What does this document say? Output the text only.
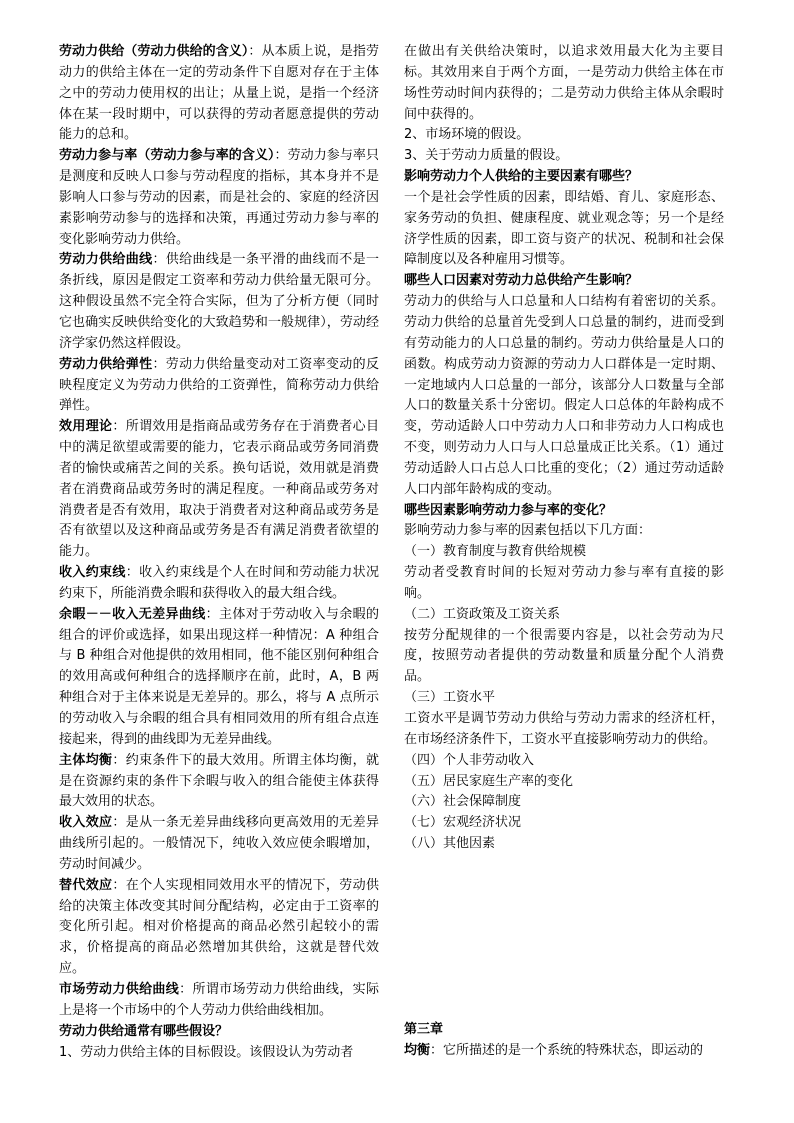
劳动力供给（劳动力供给的含义）：从本质上说，是指劳动力的供给主体在一定的劳动条件下自愿对存在于主体之中的劳动力使用权的出让；从量上说，是指一个经济体在某一段时期中，可以获得的劳动者愿意提供的劳动能力的总和。

劳动力参与率（劳动力参与率的含义）：劳动力参与率只是测度和反映人口参与劳动程度的指标，其本身并不是影响人口参与劳动的因素，而是社会的、家庭的经济因素影响劳动参与的选择和决策，再通过劳动力参与率的变化影响劳动力供给。

劳动力供给曲线：供给曲线是一条平滑的曲线而不是一条折线，原因是假定工资率和劳动力供给量无限可分。这种假设虽然不完全符合实际，但为了分析方便（同时它也确实反映供给变化的大致趋势和一般规律），劳动经济学家仍然这样假设。

劳动力供给弹性：劳动力供给量变动对工资率变动的反映程度定义为劳动力供给的工资弹性，简称劳动力供给弹性。

效用理论：所谓效用是指商品或劳务存在于消费者心目中的满足欲望或需要的能力，它表示商品或劳务同消费者的愉快或痛苦之间的关系。换句话说，效用就是消费者在消费商品或劳务时的满足程度。一种商品或劳务对消费者是否有效用，取决于消费者对这种商品或劳务是否有欲望以及这种商品或劳务是否有满足消费者欲望的能力。

收入约束线：收入约束线是个人在时间和劳动能力状况约束下，所能消费余暇和获得收入的最大组合线。

余暇－－收入无差异曲线：主体对于劳动收入与余暇的组合的评价或选择，如果出现这样一种情况：A 种组合与 B 种组合对他提供的效用相同，他不能区别何种组合的效用高或何种组合的选择顺序在前，此时，A，B 两种组合对于主体来说是无差异的。那么，将与 A 点所示的劳动收入与余暇的组合具有相同效用的所有组合点连接起来，得到的曲线即为无差异曲线。

主体均衡：约束条件下的最大效用。所谓主体均衡，就是在资源约束的条件下余暇与收入的组合能使主体获得最大效用的状态。

收入效应：是从一条无差异曲线移向更高效用的无差异曲线所引起的。一般情况下，纯收入效应使余暇增加，劳动时间减少。

替代效应：在个人实现相同效用水平的情况下，劳动供给的决策主体改变其时间分配结构，必定由于工资率的变化所引起。相对价格提高的商品必然引起较小的需求，价格提高的商品必然增加其供给，这就是替代效应。

市场劳动力供给曲线：所谓市场劳动力供给曲线，实际上是将一个市场中的个人劳动力供给曲线相加。

劳动力供给通常有哪些假设？

1、劳动力供给主体的目标假设。该假设认为劳动者

在做出有关供给决策时，以追求效用最大化为主要目标。其效用来自于两个方面，一是劳动力供给主体在市场性劳动时间内获得的；二是劳动力供给主体从余暇时间中获得的。

2、市场环境的假设。

3、关于劳动力质量的假设。

影响劳动力个人供给的主要因素有哪些？

一个是社会学性质的因素，即结婚、育儿、家庭形态、家务劳动的负担、健康程度、就业观念等；另一个是经济学性质的因素，即工资与资产的状况、税制和社会保障制度以及各种雇用习惯等。

哪些人口因素对劳动力总供给产生影响？

劳动力的供给与人口总量和人口结构有着密切的关系。劳动力供给的总量首先受到人口总量的制约，进而受到有劳动能力的人口总量的制约。劳动力供给量是人口的函数。构成劳动力资源的劳动力人口群体是一定时期、一定地域内人口总量的一部分，该部分人口数量与全部人口的数量关系十分密切。假定人口总体的年龄构成不变，劳动适龄人口中劳动力人口和非劳动力人口构成也不变，则劳动力人口与人口总量成正比关系。（1）通过劳动适龄人口占总人口比重的变化；（2）通过劳动适龄人口内部年龄构成的变动。

哪些因素影响劳动力参与率的变化？

影响劳动力参与率的因素包括以下几方面：

（一）教育制度与教育供给规模

劳动者受教育时间的长短对劳动力参与率有直接的影响。

（二）工资政策及工资关系

按劳分配规律的一个很需要内容是，以社会劳动为尺度，按照劳动者提供的劳动数量和质量分配个人消费品。

（三）工资水平

工资水平是调节劳动力供给与劳动力需求的经济杠杆，在市场经济条件下，工资水平直接影响劳动力的供给。

（四）个人非劳动收入

（五）居民家庭生产率的变化

（六）社会保障制度

（七）宏观经济状况

（八）其他因素

第三章

均衡：它所描述的是一个系统的特殊状态，即运动的
